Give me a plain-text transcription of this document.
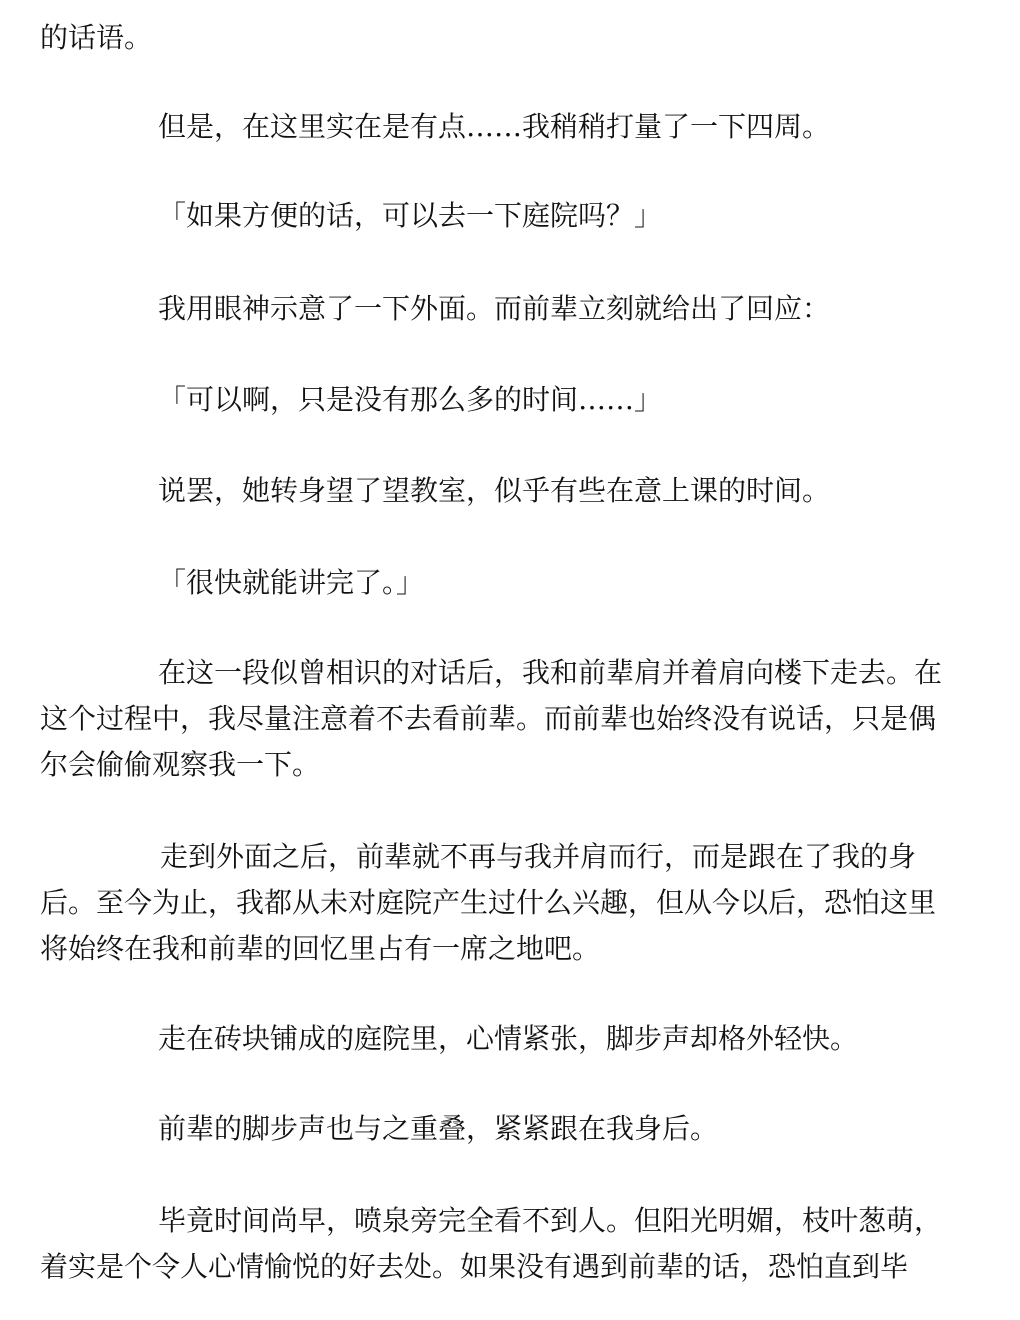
的话语。
但是，在这里实在是有点……我稍稍打量了一下四周。
「如果方便的话，可以去一下庭院吗？」
我用眼神示意了一下外面。而前辈立刻就给出了回应：
「可以啊，只是没有那么多的时间……」
说罢，她转身望了望教室，似乎有些在意上课的时间。
「很快就能讲完了。」
在这一段似曾相识的对话后，我和前辈肩并着肩向楼下走去。在
这个过程中，我尽量注意着不去看前辈。而前辈也始终没有说话，只是偶
尔会偷偷观察我一下。
走到外面之后，前辈就不再与我并肩而行，而是跟在了我的身
后。至今为止，我都从未对庭院产生过什么兴趣，但从今以后，恐怕这里
将始终在我和前辈的回忆里占有一席之地吧。
走在砖块铺成的庭院里，心情紧张，脚步声却格外轻快。
前辈的脚步声也与之重叠，紧紧跟在我身后。
毕竟时间尚早，喷泉旁完全看不到人。但阳光明媚，枝叶葱萌，
着实是个令人心情愉悦的好去处。如果没有遇到前辈的话，恐怕直到毕
